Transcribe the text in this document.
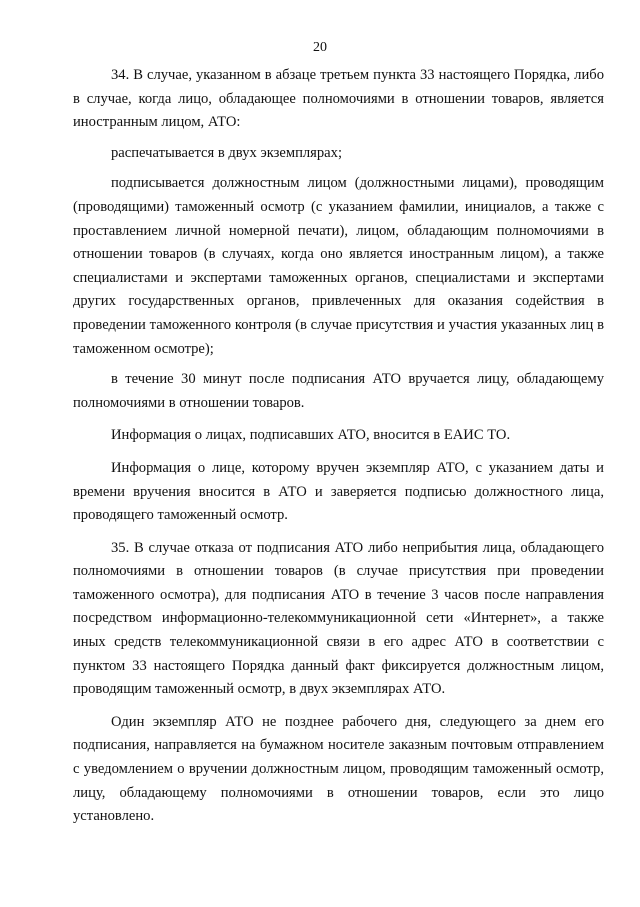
20

34. В случае, указанном в абзаце третьем пункта 33 настоящего Порядка, либо в случае, когда лицо, обладающее полномочиями в отношении товаров, является иностранным лицом, АТО:

распечатывается в двух экземплярах;

подписывается должностным лицом (должностными лицами), проводящим (проводящими) таможенный осмотр (с указанием фамилии, инициалов, а также с проставлением личной номерной печати), лицом, обладающим полномочиями в отношении товаров (в случаях, когда оно является иностранным лицом), а также специалистами и экспертами таможенных органов, специалистами и экспертами других государственных органов, привлеченных для оказания содействия в проведении таможенного контроля (в случае присутствия и участия указанных лиц в таможенном осмотре);

в течение 30 минут после подписания АТО вручается лицу, обладающему полномочиями в отношении товаров.

Информация о лицах, подписавших АТО, вносится в ЕАИС ТО.

Информация о лице, которому вручен экземпляр АТО, с указанием даты и времени вручения вносится в АТО и заверяется подписью должностного лица, проводящего таможенный осмотр.

35. В случае отказа от подписания АТО либо неприбытия лица, обладающего полномочиями в отношении товаров (в случае присутствия при проведении таможенного осмотра), для подписания АТО в течение 3 часов после направления посредством информационно-телекоммуникационной сети «Интернет», а также иных средств телекоммуникационной связи в его адрес АТО в соответствии с пунктом 33 настоящего Порядка данный факт фиксируется должностным лицом, проводящим таможенный осмотр, в двух экземплярах АТО.

Один экземпляр АТО не позднее рабочего дня, следующего за днем его подписания, направляется на бумажном носителе заказным почтовым отправлением с уведомлением о вручении должностным лицом, проводящим таможенный осмотр, лицу, обладающему полномочиями в отношении товаров, если это лицо установлено.
